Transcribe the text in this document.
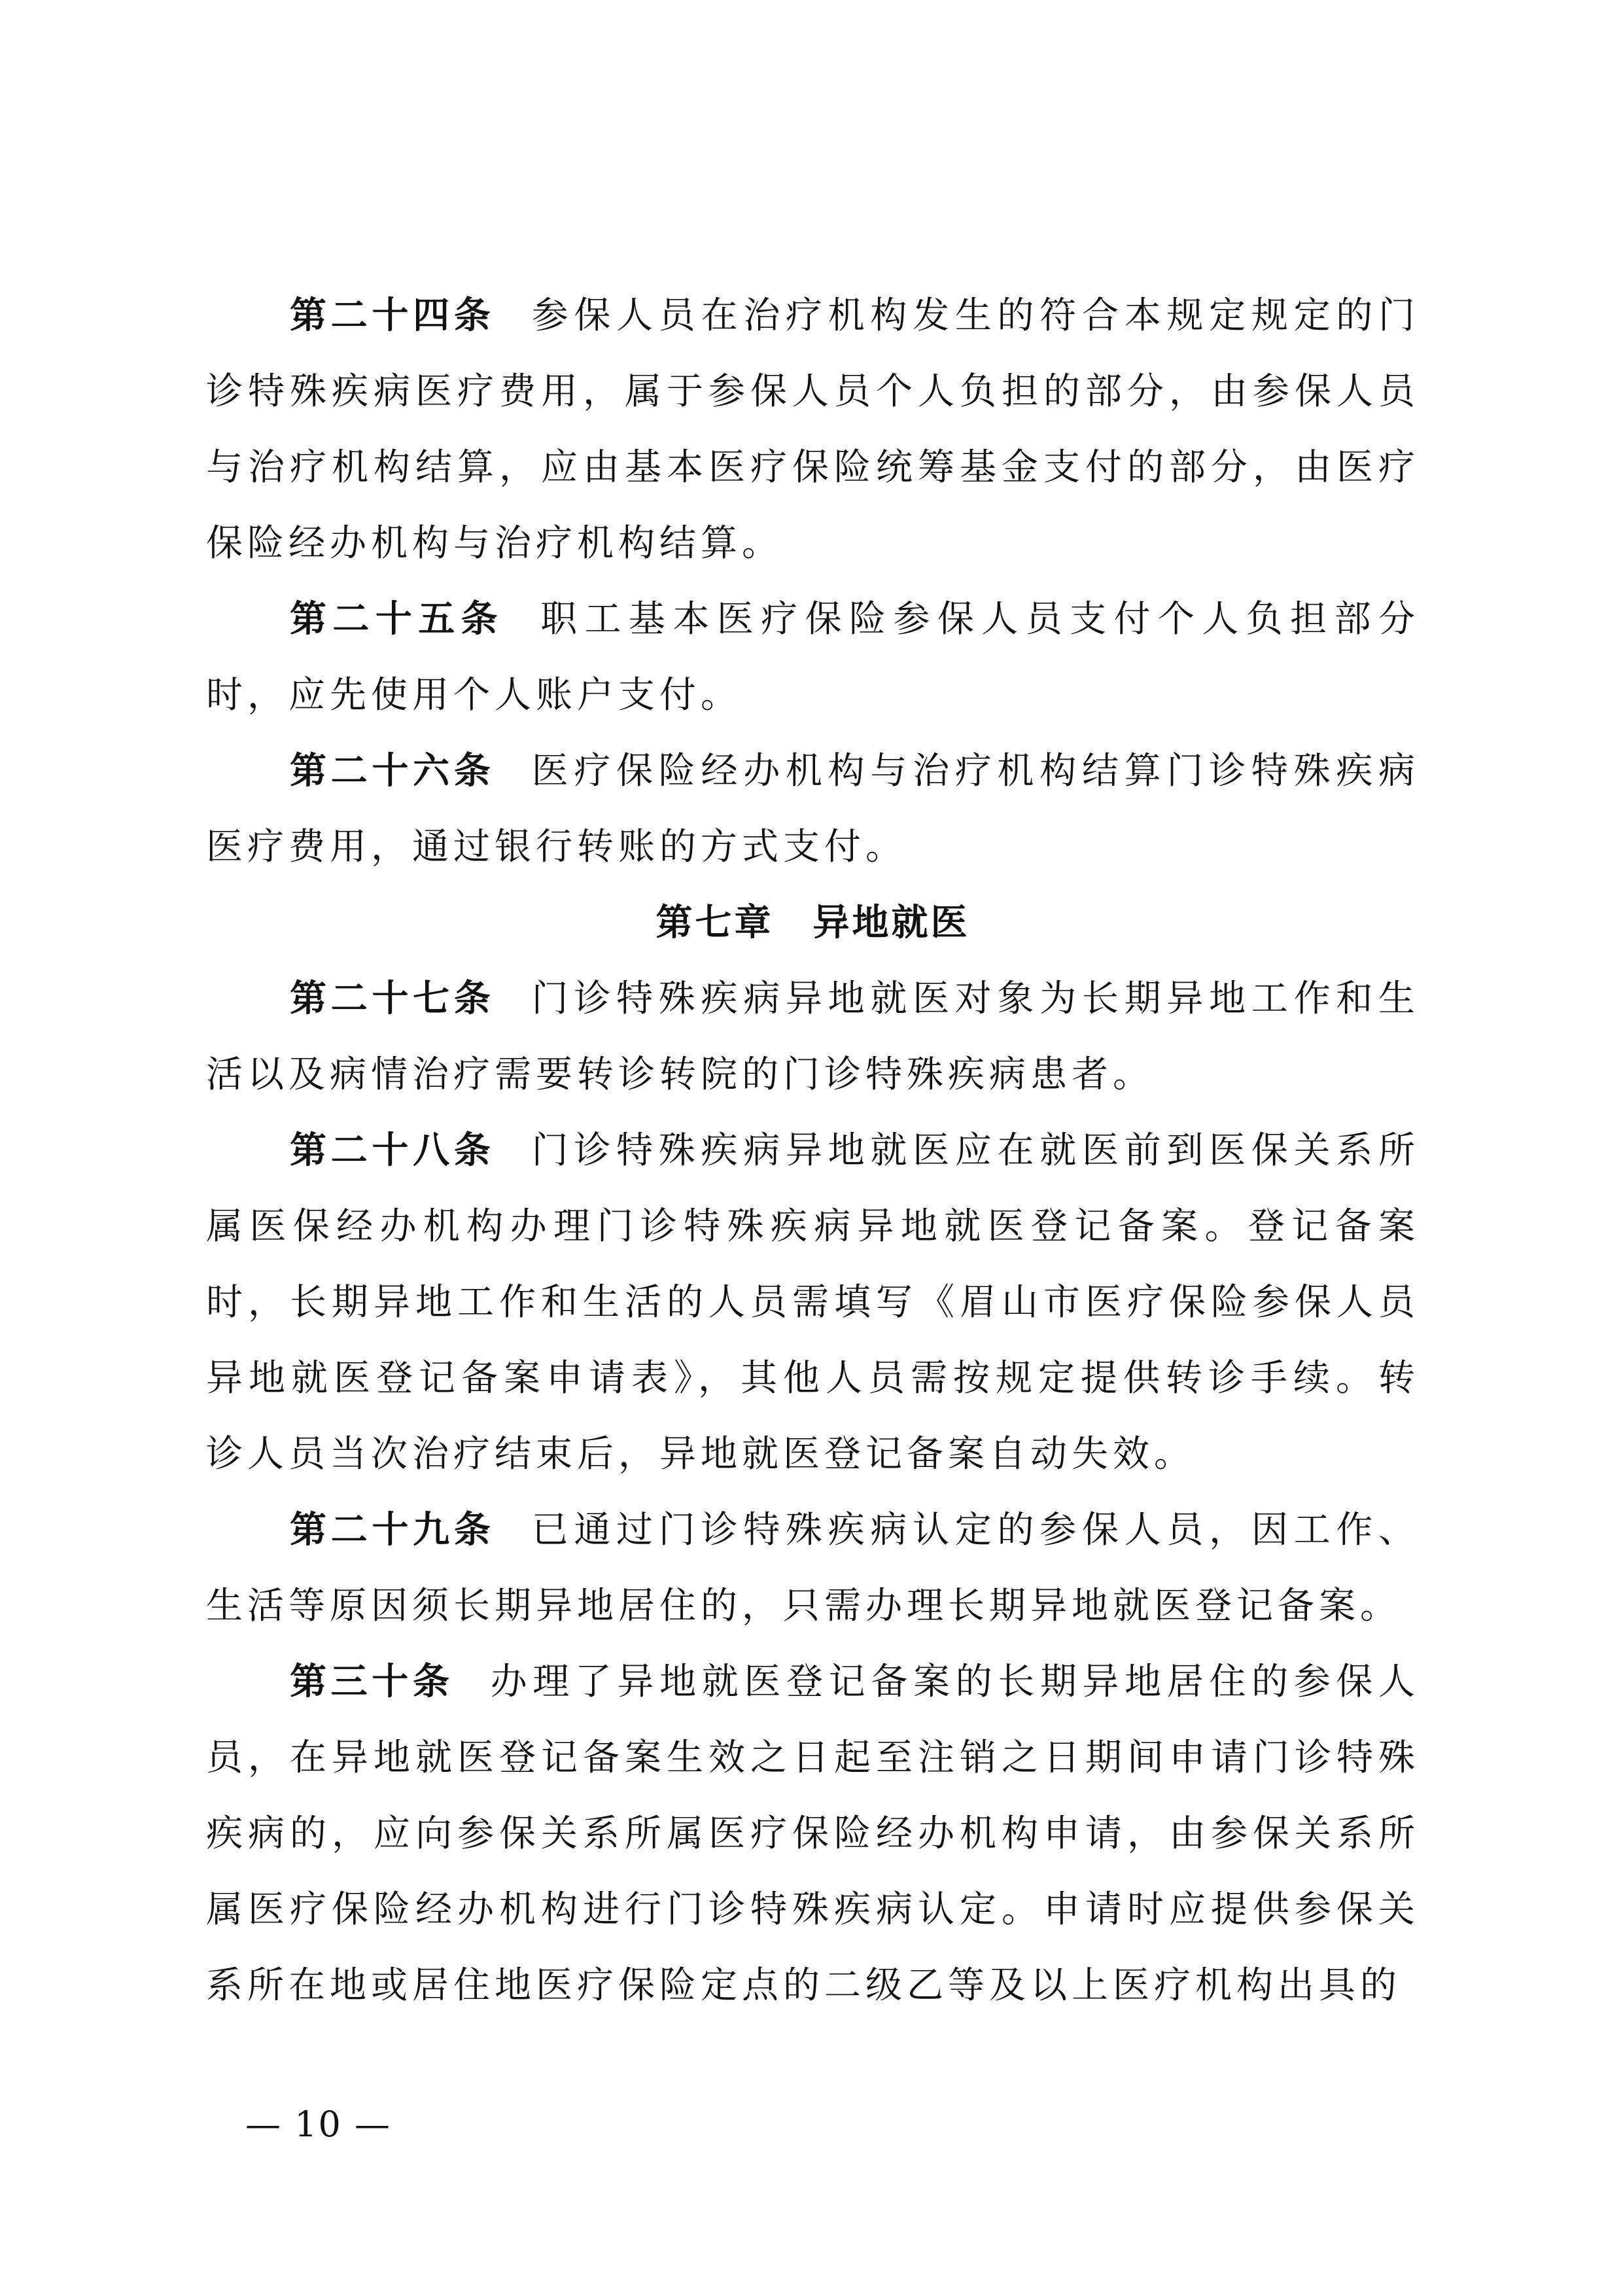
第二十四条 参保人员在治疗机构发生的符合本规定规定的门诊特殊疾病医疗费用，属于参保人员个人负担的部分，由参保人员与治疗机构结算，应由基本医疗保险统筹基金支付的部分，由医疗保险经办机构与治疗机构结算。

第二十五条 职工基本医疗保险参保人员支付个人负担部分时，应先使用个人账户支付。

第二十六条 医疗保险经办机构与治疗机构结算门诊特殊疾病医疗费用，通过银行转账的方式支付。

第七章　异地就医

第二十七条 门诊特殊疾病异地就医对象为长期异地工作和生活以及病情治疗需要转诊转院的门诊特殊疾病患者。

第二十八条 门诊特殊疾病异地就医应在就医前到医保关系所属医保经办机构办理门诊特殊疾病异地就医登记备案。登记备案时，长期异地工作和生活的人员需填写《眉山市医疗保险参保人员异地就医登记备案申请表》，其他人员需按规定提供转诊手续。转诊人员当次治疗结束后，异地就医登记备案自动失效。

第二十九条 已通过门诊特殊疾病认定的参保人员，因工作、生活等原因须长期异地居住的，只需办理长期异地就医登记备案。

第三十条 办理了异地就医登记备案的长期异地居住的参保人员，在异地就医登记备案生效之日起至注销之日期间申请门诊特殊疾病的，应向参保关系所属医疗保险经办机构申请，由参保关系所属医疗保险经办机构进行门诊特殊疾病认定。申请时应提供参保关系所在地或居住地医疗保险定点的二级乙等及以上医疗机构出具的

— 10 —
